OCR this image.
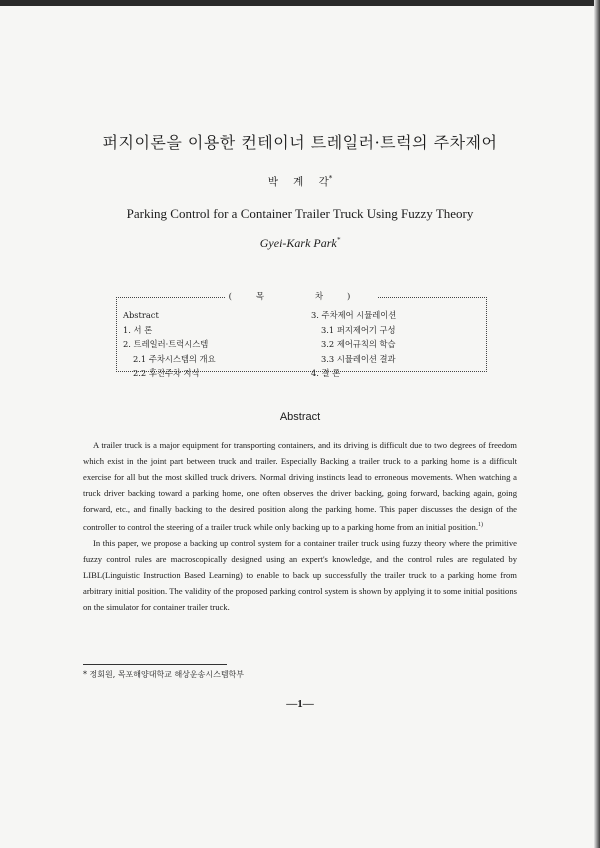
퍼지이론을 이용한 컨테이너 트레일러·트럭의 주차제어
박 계 각*
Parking Control for a Container Trailer Truck Using Fuzzy Theory
Gyei-Kark Park*
(목 차)
Abstract
1. 서 론
2. 트레일러·트럭시스템
2.1 주차시스템의 개요
2.2 후진주차 지식
3. 주차제어 시뮬레이션
3.1 퍼지제어기 구성
3.2 제어규칙의 학습
3.3 시뮬레이션 결과
4. 결 론
Abstract

A trailer truck is a major equipment for transporting containers, and its driving is difficult due to two degrees of freedom which exist in the joint part between truck and trailer. Especially Backing a trailer truck to a parking home is a difficult exercise for all but the most skilled truck drivers. Normal driving instincts lead to erroneous movements. When watching a truck driver backing toward a parking home, one often observes the driver backing, going forward, backing again, going forward, etc., and finally backing to the desired position along the parking home. This paper discusses the design of the controller to control the steering of a trailer truck while only backing up to a parking home from an initial position.$^{1)}$

In this paper, we propose a backing up control system for a container trailer truck using fuzzy theory where the primitive fuzzy control rules are macroscopically designed using an expert's knowledge, and the control rules are regulated by LIBL(Linguistic Instruction Based Learning) to enable to back up successfully the trailer truck to a parking home from arbitrary initial position. The validity of the proposed parking control system is shown by applying it to some initial positions on the simulator for container trailer truck.

* 정회원, 목포해양대학교 해상운송시스템학부
—1—
